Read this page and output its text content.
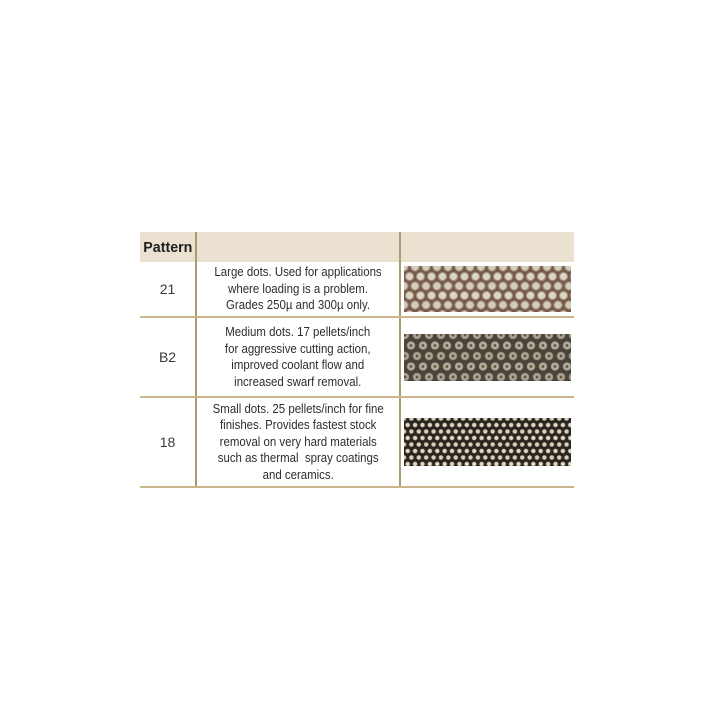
Pattern
21
Large dots. Used for applications
where loading is a problem.
Grades 250µ and 300µ only.
B2
Medium dots. 17 pellets/inch
for aggressive cutting action,
improved coolant flow and
increased swarf removal.
18
Small dots. 25 pellets/inch for fine
finishes. Provides fastest stock
removal on very hard materials
such as thermal  spray coatings
and ceramics.
